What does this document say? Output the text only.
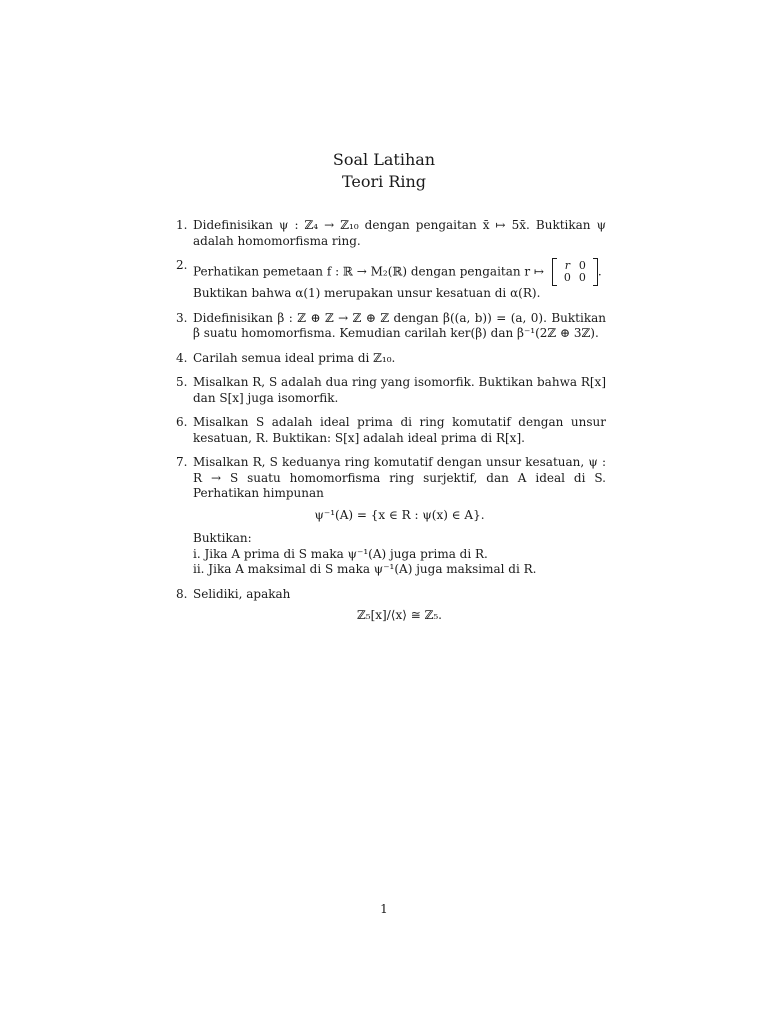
Soal Latihan
Teori Ring
1. Didefinisikan ψ : ℤ₄ → ℤ₁₀ dengan pengaitan x̄ ↦ 5x̄. Buktikan ψ adalah homomorfisma ring.
2. Perhatikan pemetaan f : ℝ → M₂(ℝ) dengan pengaitan r ↦ r	0
0	0 .
Buktikan bahwa α(1) merupakan unsur kesatuan di α(R).
3. Didefinisikan β : ℤ ⊕ ℤ → ℤ ⊕ ℤ dengan β((a, b)) = (a, 0). Buktikan β suatu homomorfisma. Kemudian carilah ker(β) dan β⁻¹(2ℤ ⊕ 3ℤ).
4. Carilah semua ideal prima di ℤ₁₀.
5. Misalkan R, S adalah dua ring yang isomorfik. Buktikan bahwa R[x] dan S[x] juga isomorfik.
6. Misalkan S adalah ideal prima di ring komutatif dengan unsur kesatuan, R. Buktikan: S[x] adalah ideal prima di R[x].
7. Misalkan R, S keduanya ring komutatif dengan unsur kesatuan, ψ : R → S suatu homomorfisma ring surjektif, dan A ideal di S. Perhatikan himpunan
ψ⁻¹(A) = {x ∈ R : ψ(x) ∈ A}.
Buktikan:
i. Jika A prima di S maka ψ⁻¹(A) juga prima di R.
ii. Jika A maksimal di S maka ψ⁻¹(A) juga maksimal di R.
8. Selidiki, apakah
ℤ₅[x]/⟨x⟩ ≅ ℤ₅.
1
